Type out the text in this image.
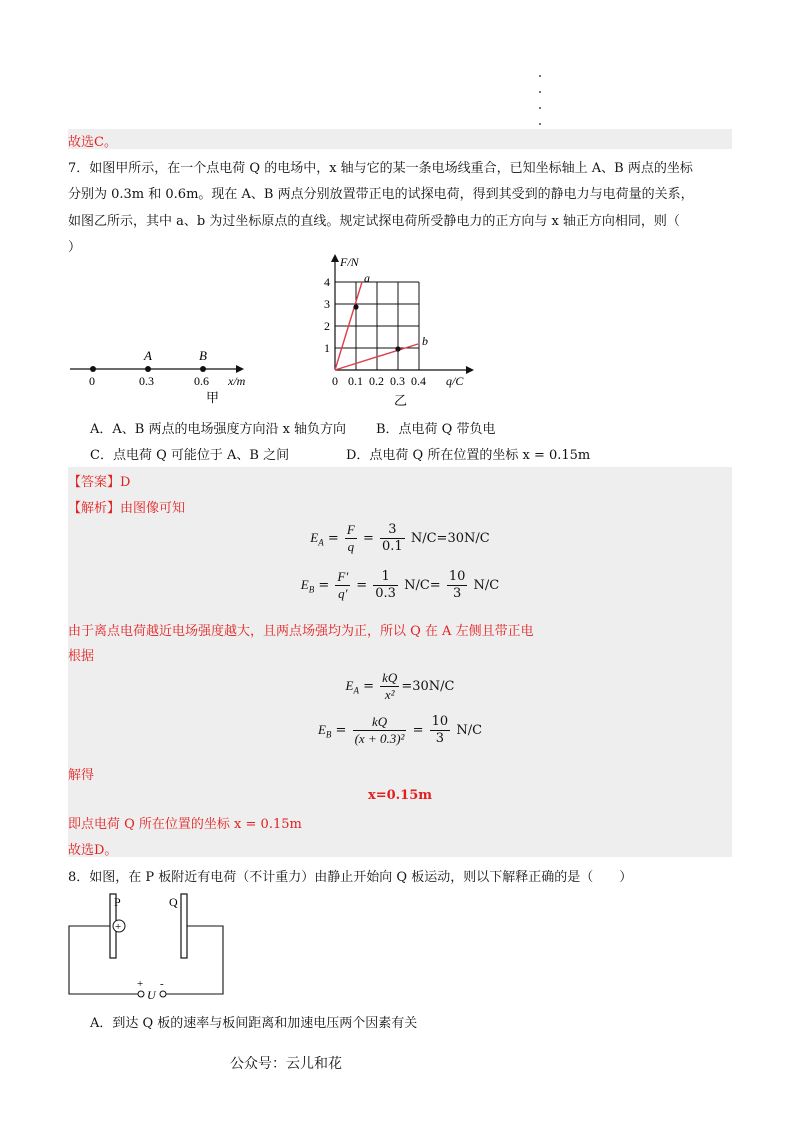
故选C。
7．如图甲所示，在一个点电荷 Q 的电场中，x 轴与它的某一条电场线重合，已知坐标轴上 A、B 两点的坐标
分别为 0.3m 和 0.6m。现在 A、B 两点分别放置带正电的试探电荷，得到其受到的静电力与电荷量的关系，
如图乙所示，其中 a、b 为过坐标原点的直线。规定试探电荷所受静电力的正方向与 x 轴正方向相同，则（
）
A	B
0	0.3	0.6 x/m
甲
F/N
a
b
q/C
0 0.1 0.2 0.3 0.4
1
2
3
4
乙
A．A、B 两点的电场强度方向沿 x 轴负方向 B．点电荷 Q 带负电
C．点电荷 Q 可能位于 A、B 之间	D．点电荷 Q 所在位置的坐标 x = 0.15m
【答案】D
【解析】由图像可知
$E_A = \frac{F}{q} = \frac{3}{0.1} N/C=30N/C$
$E_B = \frac{F'}{q'} = \frac{1}{0.3} N/C= \frac{10}{3} N/C$
由于离点电荷越近电场强度越大，且两点场强均为正，所以 Q 在 A 左侧且带正电
根据
$E_A = \frac{kQ}{\text{x²}} =30N/C$
$E_B = \frac{kQ}{\text{(x + 0.3)²}} = \frac{10}{3} N/C$
解得
x=0.15m
即点电荷 Q 所在位置的坐标 x = 0.15m
故选D。
8．如图，在 P 板附近有电荷（不计重力）由静止开始向 Q 板运动，则以下解释正确的是（　　）
P	Q
+
+ -
U
A．到达 Q 板的速率与板间距离和加速电压两个因素有关
公众号：云儿和花
